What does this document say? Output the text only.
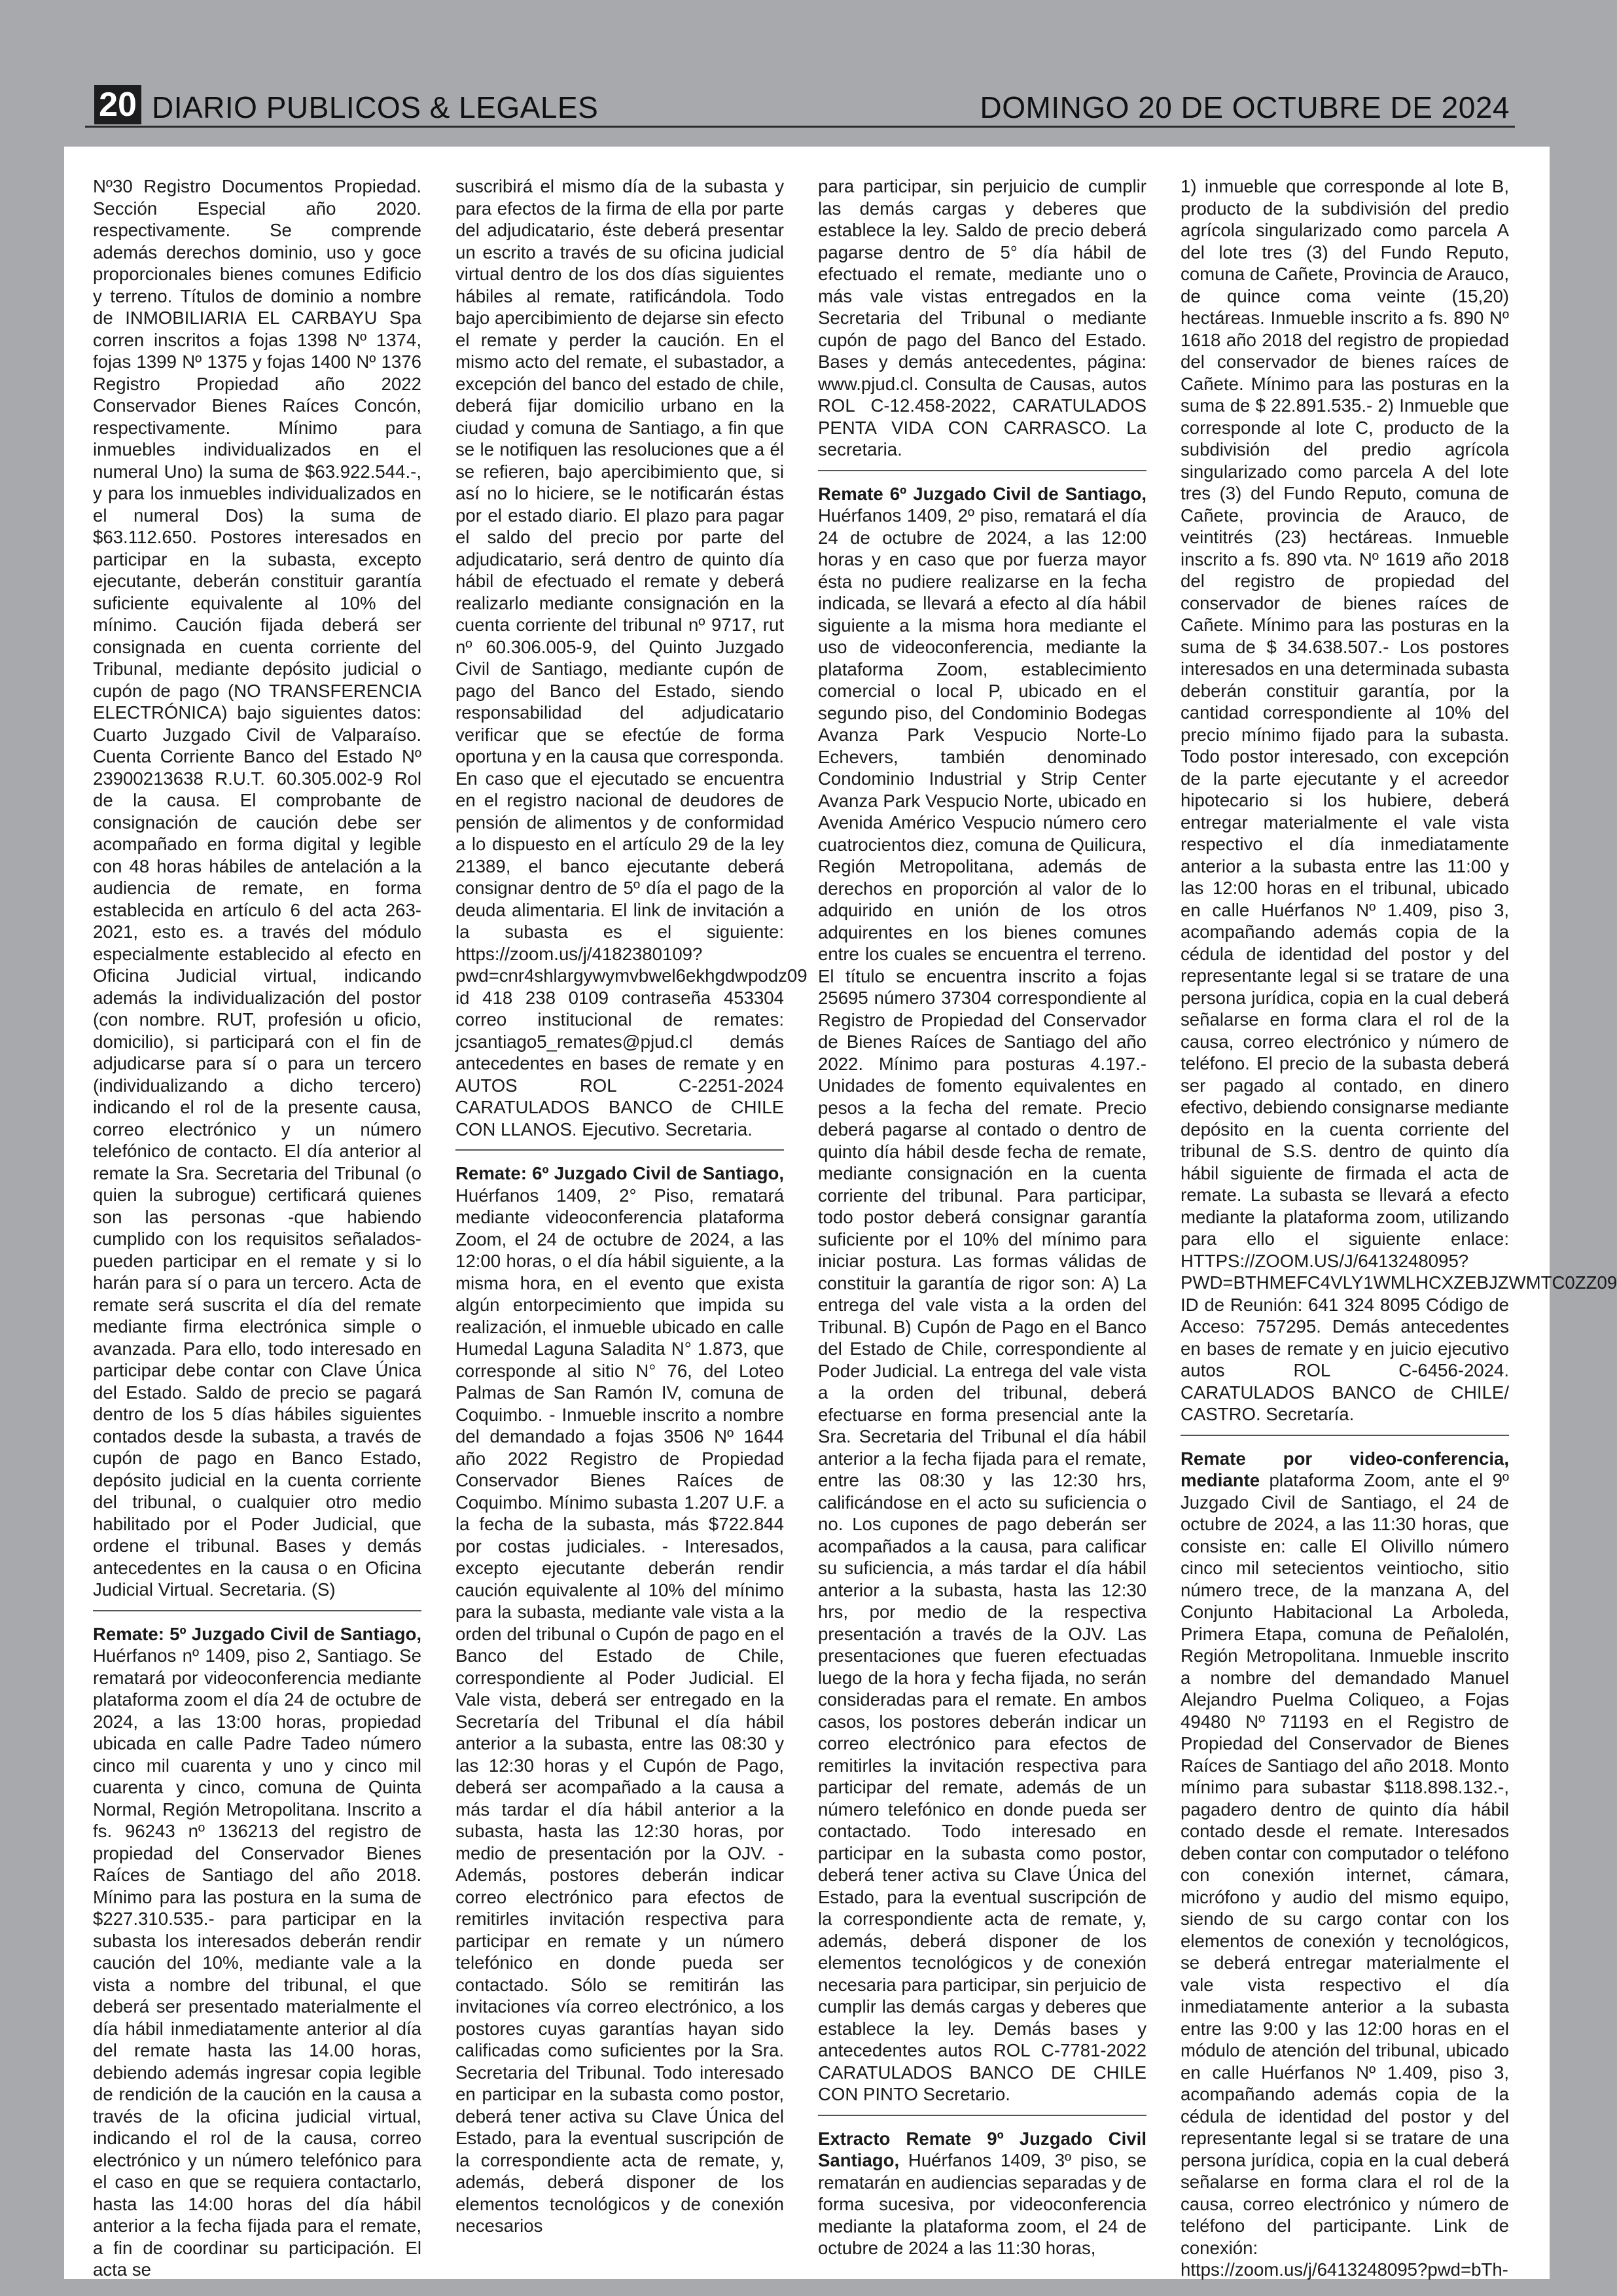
20 DIARIO PUBLICOS & LEGALES	DOMINGO 20 DE OCTUBRE DE 2024

Nº30 Registro Documentos Propiedad. Sección Especial año 2020. respectivamente. Se comprende además derechos dominio, uso y goce proporcionales bienes comunes Edificio y terreno. Títulos de dominio a nombre de INMOBILIARIA EL CARBAYU Spa corren inscritos a fojas 1398 Nº 1374, fojas 1399 Nº 1375 y fojas 1400 Nº 1376 Registro Propiedad año 2022 Conservador Bienes Raíces Concón, respectivamente. Mínimo para inmuebles individualizados en el numeral Uno) la suma de $63.922.544.-, y para los inmuebles individualizados en el numeral Dos) la suma de $63.112.650. Postores interesados en participar en la subasta, excepto ejecutante, deberán constituir garantía suficiente equivalente al 10% del mínimo. Caución fijada deberá ser consignada en cuenta corriente del Tribunal, mediante depósito judicial o cupón de pago (NO TRANSFERENCIA ELECTRÓNICA) bajo siguientes datos: Cuarto Juzgado Civil de Valparaíso. Cuenta Corriente Banco del Estado Nº 23900213638 R.U.T. 60.305.002-9 Rol de la causa. El comprobante de consignación de caución debe ser acompañado en forma digital y legible con 48 horas hábiles de antelación a la audiencia de remate, en forma establecida en artículo 6 del acta 263-2021, esto es. a través del módulo especialmente establecido al efecto en Oficina Judicial virtual, indicando además la individualización del postor (con nombre. RUT, profesión u oficio, domicilio), si participará con el fin de adjudicarse para sí o para un tercero (individualizando a dicho tercero) indicando el rol de la presente causa, correo electrónico y un número telefónico de contacto. El día anterior al remate la Sra. Secretaria del Tribunal (o quien la subrogue) certificará quienes son las personas -que habiendo cumplido con los requisitos señalados- pueden participar en el remate y si lo harán para sí o para un tercero. Acta de remate será suscrita el día del remate mediante firma electrónica simple o avanzada. Para ello, todo interesado en participar debe contar con Clave Única del Estado. Saldo de precio se pagará dentro de los 5 días hábiles siguientes contados desde la subasta, a través de cupón de pago en Banco Estado, depósito judicial en la cuenta corriente del tribunal, o cualquier otro medio habilitado por el Poder Judicial, que ordene el tribunal. Bases y demás antecedentes en la causa o en Oficina Judicial Virtual. Secretaria. (S)

Remate: 5º Juzgado Civil de Santiago, Huérfanos nº 1409, piso 2, Santiago. Se rematará por videoconferencia mediante plataforma zoom el día 24 de octubre de 2024, a las 13:00 horas, propiedad ubicada en calle Padre Tadeo número cinco mil cuarenta y uno y cinco mil cuarenta y cinco, comuna de Quinta Normal, Región Metropolitana. Inscrito a fs. 96243 nº 136213 del registro de propiedad del Conservador Bienes Raíces de Santiago del año 2018. Mínimo para las postura en la suma de $227.310.535.- para participar en la subasta los interesados deberán rendir caución del 10%, mediante vale a la vista a nombre del tribunal, el que deberá ser presentado materialmente el día hábil inmediatamente anterior al día del remate hasta las 14.00 horas, debiendo además ingresar copia legible de rendición de la caución en la causa a través de la oficina judicial virtual, indicando el rol de la causa, correo electrónico y un número telefónico para el caso en que se requiera contactarlo, hasta las 14:00 horas del día hábil anterior a la fecha fijada para el remate, a fin de coordinar su participación. El acta se

suscribirá el mismo día de la subasta y para efectos de la firma de ella por parte del adjudicatario, éste deberá presentar un escrito a través de su oficina judicial virtual dentro de los dos días siguientes hábiles al remate, ratificándola. Todo bajo apercibimiento de dejarse sin efecto el remate y perder la caución. En el mismo acto del remate, el subastador, a excepción del banco del estado de chile, deberá fijar domicilio urbano en la ciudad y comuna de Santiago, a fin que se le notifiquen las resoluciones que a él se refieren, bajo apercibimiento que, si así no lo hiciere, se le notificarán éstas por el estado diario. El plazo para pagar el saldo del precio por parte del adjudicatario, será dentro de quinto día hábil de efectuado el remate y deberá realizarlo mediante consignación en la cuenta corriente del tribunal nº 9717, rut nº 60.306.005-9, del Quinto Juzgado Civil de Santiago, mediante cupón de pago del Banco del Estado, siendo responsabilidad del adjudicatario verificar que se efectúe de forma oportuna y en la causa que corresponda. En caso que el ejecutado se encuentra en el registro nacional de deudores de pensión de alimentos y de conformidad a lo dispuesto en el artículo 29 de la ley 21389, el banco ejecutante deberá consignar dentro de 5º día el pago de la deuda alimentaria. El link de invitación a la subasta es el siguiente: https://zoom.us/j/4182380109?pwd=cnr4shlargywymvbwel6ekhgdwpodz09 id 418 238 0109 contraseña 453304 correo institucional de remates: jcsantiago5_remates@pjud.cl demás antecedentes en bases de remate y en AUTOS ROL C-2251-2024 CARATULADOS BANCO de CHILE CON LLANOS. Ejecutivo. Secretaria.

Remate: 6º Juzgado Civil de Santiago, Huérfanos 1409, 2° Piso, rematará mediante videoconferencia plataforma Zoom, el 24 de octubre de 2024, a las 12:00 horas, o el día hábil siguiente, a la misma hora, en el evento que exista algún entorpecimiento que impida su realización, el inmueble ubicado en calle Humedal Laguna Saladita N° 1.873, que corresponde al sitio N° 76, del Loteo Palmas de San Ramón IV, comuna de Coquimbo. - Inmueble inscrito a nombre del demandado a fojas 3506 Nº 1644 año 2022 Registro de Propiedad Conservador Bienes Raíces de Coquimbo. Mínimo subasta 1.207 U.F. a la fecha de la subasta, más $722.844 por costas judiciales. - Interesados, excepto ejecutante deberán rendir caución equivalente al 10% del mínimo para la subasta, mediante vale vista a la orden del tribunal o Cupón de pago en el Banco del Estado de Chile, correspondiente al Poder Judicial. El Vale vista, deberá ser entregado en la Secretaría del Tribunal el día hábil anterior a la subasta, entre las 08:30 y las 12:30 horas y el Cupón de Pago, deberá ser acompañado a la causa a más tardar el día hábil anterior a la subasta, hasta las 12:30 horas, por medio de presentación por la OJV. - Además, postores deberán indicar correo electrónico para efectos de remitirles invitación respectiva para participar en remate y un número telefónico en donde pueda ser contactado. Sólo se remitirán las invitaciones vía correo electrónico, a los postores cuyas garantías hayan sido calificadas como suficientes por la Sra. Secretaria del Tribunal. Todo interesado en participar en la subasta como postor, deberá tener activa su Clave Única del Estado, para la eventual suscripción de la correspondiente acta de remate, y, además, deberá disponer de los elementos tecnológicos y de conexión necesarios

para participar, sin perjuicio de cumplir las demás cargas y deberes que establece la ley. Saldo de precio deberá pagarse dentro de 5° día hábil de efectuado el remate, mediante uno o más vale vistas entregados en la Secretaria del Tribunal o mediante cupón de pago del Banco del Estado. Bases y demás antecedentes, página: www.pjud.cl. Consulta de Causas, autos ROL C-12.458-2022, CARATULADOS PENTA VIDA CON CARRASCO. La secretaria.

Remate 6º Juzgado Civil de Santiago, Huérfanos 1409, 2º piso, rematará el día 24 de octubre de 2024, a las 12:00 horas y en caso que por fuerza mayor ésta no pudiere realizarse en la fecha indicada, se llevará a efecto al día hábil siguiente a la misma hora mediante el uso de videoconferencia, mediante la plataforma Zoom, establecimiento comercial o local P, ubicado en el segundo piso, del Condominio Bodegas Avanza Park Vespucio Norte-Lo Echevers, también denominado Condominio Industrial y Strip Center Avanza Park Vespucio Norte, ubicado en Avenida Américo Vespucio número cero cuatrocientos diez, comuna de Quilicura, Región Metropolitana, además de derechos en proporción al valor de lo adquirido en unión de los otros adquirentes en los bienes comunes entre los cuales se encuentra el terreno. El título se encuentra inscrito a fojas 25695 número 37304 correspondiente al Registro de Propiedad del Conservador de Bienes Raíces de Santiago del año 2022. Mínimo para posturas 4.197.- Unidades de fomento equivalentes en pesos a la fecha del remate. Precio deberá pagarse al contado o dentro de quinto día hábil desde fecha de remate, mediante consignación en la cuenta corriente del tribunal. Para participar, todo postor deberá consignar garantía suficiente por el 10% del mínimo para iniciar postura. Las formas válidas de constituir la garantía de rigor son: A) La entrega del vale vista a la orden del Tribunal. B) Cupón de Pago en el Banco del Estado de Chile, correspondiente al Poder Judicial. La entrega del vale vista a la orden del tribunal, deberá efectuarse en forma presencial ante la Sra. Secretaria del Tribunal el día hábil anterior a la fecha fijada para el remate, entre las 08:30 y las 12:30 hrs, calificándose en el acto su suficiencia o no. Los cupones de pago deberán ser acompañados a la causa, para calificar su suficiencia, a más tardar el día hábil anterior a la subasta, hasta las 12:30 hrs, por medio de la respectiva presentación a través de la OJV. Las presentaciones que fueren efectuadas luego de la hora y fecha fijada, no serán consideradas para el remate. En ambos casos, los postores deberán indicar un correo electrónico para efectos de remitirles la invitación respectiva para participar del remate, además de un número telefónico en donde pueda ser contactado. Todo interesado en participar en la subasta como postor, deberá tener activa su Clave Única del Estado, para la eventual suscripción de la correspondiente acta de remate, y, además, deberá disponer de los elementos tecnológicos y de conexión necesaria para participar, sin perjuicio de cumplir las demás cargas y deberes que establece la ley. Demás bases y antecedentes autos ROL C-7781-2022 CARATULADOS BANCO DE CHILE CON PINTO Secretario.

Extracto Remate 9º Juzgado Civil Santiago, Huérfanos 1409, 3º piso, se rematarán en audiencias separadas y de forma sucesiva, por videoconferencia mediante la plataforma zoom, el 24 de octubre de 2024 a las 11:30 horas,

1) inmueble que corresponde al lote B, producto de la subdivisión del predio agrícola singularizado como parcela A del lote tres (3) del Fundo Reputo, comuna de Cañete, Provincia de Arauco, de quince coma veinte (15,20) hectáreas. Inmueble inscrito a fs. 890 Nº 1618 año 2018 del registro de propiedad del conservador de bienes raíces de Cañete. Mínimo para las posturas en la suma de $ 22.891.535.- 2) Inmueble que corresponde al lote C, producto de la subdivisión del predio agrícola singularizado como parcela A del lote tres (3) del Fundo Reputo, comuna de Cañete, provincia de Arauco, de veintitrés (23) hectáreas. Inmueble inscrito a fs. 890 vta. Nº 1619 año 2018 del registro de propiedad del conservador de bienes raíces de Cañete. Mínimo para las posturas en la suma de $ 34.638.507.- Los postores interesados en una determinada subasta deberán constituir garantía, por la cantidad correspondiente al 10% del precio mínimo fijado para la subasta. Todo postor interesado, con excepción de la parte ejecutante y el acreedor hipotecario si los hubiere, deberá entregar materialmente el vale vista respectivo el día inmediatamente anterior a la subasta entre las 11:00 y las 12:00 horas en el tribunal, ubicado en calle Huérfanos Nº 1.409, piso 3, acompañando además copia de la cédula de identidad del postor y del representante legal si se tratare de una persona jurídica, copia en la cual deberá señalarse en forma clara el rol de la causa, correo electrónico y número de teléfono. El precio de la subasta deberá ser pagado al contado, en dinero efectivo, debiendo consignarse mediante depósito en la cuenta corriente del tribunal de S.S. dentro de quinto día hábil siguiente de firmada el acta de remate. La subasta se llevará a efecto mediante la plataforma zoom, utilizando para ello el siguiente enlace: HTTPS://ZOOM.US/J/6413248095?PWD=BTHMEFC4VLY1WMLHCXZEBJZWMTC0ZZ09 ID de Reunión: 641 324 8095 Código de Acceso: 757295. Demás antecedentes en bases de remate y en juicio ejecutivo autos ROL C-6456-2024. CARATULADOS BANCO de CHILE/ CASTRO. Secretaría.

Remate por video-conferencia, mediante plataforma Zoom, ante el 9º Juzgado Civil de Santiago, el 24 de octubre de 2024, a las 11:30 horas, que consiste en: calle El Olivillo número cinco mil setecientos veintiocho, sitio número trece, de la manzana A, del Conjunto Habitacional La Arboleda, Primera Etapa, comuna de Peñalolén, Región Metropolitana. Inmueble inscrito a nombre del demandado Manuel Alejandro Puelma Coliqueo, a Fojas 49480 Nº 71193 en el Registro de Propiedad del Conservador de Bienes Raíces de Santiago del año 2018. Monto mínimo para subastar $118.898.132.-, pagadero dentro de quinto día hábil contado desde el remate. Interesados deben contar con computador o teléfono con conexión internet, cámara, micrófono y audio del mismo equipo, siendo de su cargo contar con los elementos de conexión y tecnológicos, se deberá entregar materialmente el vale vista respectivo el día inmediatamente anterior a la subasta entre las 9:00 y las 12:00 horas en el módulo de atención del tribunal, ubicado en calle Huérfanos Nº 1.409, piso 3, acompañando además copia de la cédula de identidad del postor y del representante legal si se tratare de una persona jurídica, copia en la cual deberá señalarse en forma clara el rol de la causa, correo electrónico y número de teléfono del participante. Link de conexión: https://zoom.us/j/6413248095?pwd=bTh-
